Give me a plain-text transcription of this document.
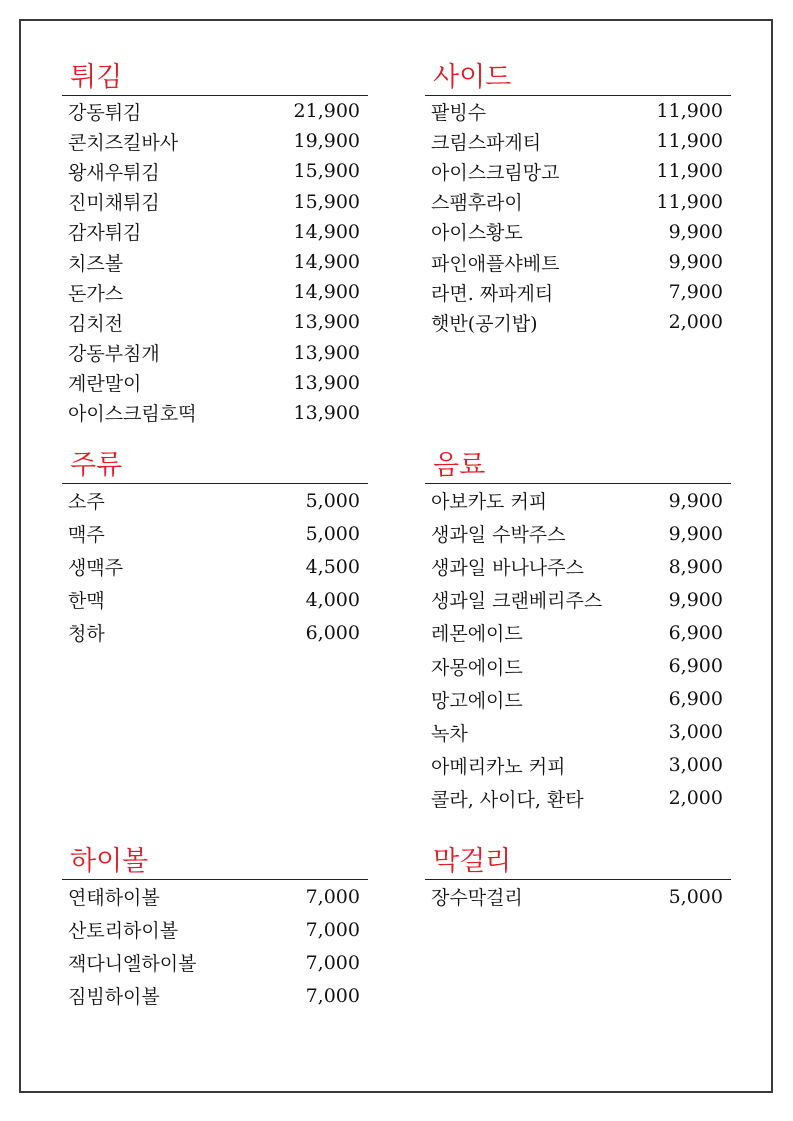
튀김
강동튀김	21,900
콘치즈킬바사	19,900
왕새우튀김	15,900
진미채튀김	15,900
감자튀김	14,900
치즈볼	14,900
돈가스	14,900
김치전	13,900
강동부침개	13,900
계란말이	13,900
아이스크림호떡	13,900
사이드
팥빙수	11,900
크림스파게티	11,900
아이스크림망고	11,900
스팸후라이	11,900
아이스황도	9,900
파인애플샤베트	9,900
라면. 짜파게티	7,900
햇반(공기밥)	2,000
주류
소주	5,000
맥주	5,000
생맥주	4,500
한맥	4,000
청하	6,000
음료
아보카도 커피	9,900
생과일 수박주스	9,900
생과일 바나나주스	8,900
생과일 크랜베리주스	9,900
레몬에이드	6,900
자몽에이드	6,900
망고에이드	6,900
녹차	3,000
아메리카노 커피	3,000
콜라, 사이다, 환타	2,000
하이볼
연태하이볼	7,000
산토리하이볼	7,000
잭다니엘하이볼	7,000
짐빔하이볼	7,000
막걸리
장수막걸리	5,000
